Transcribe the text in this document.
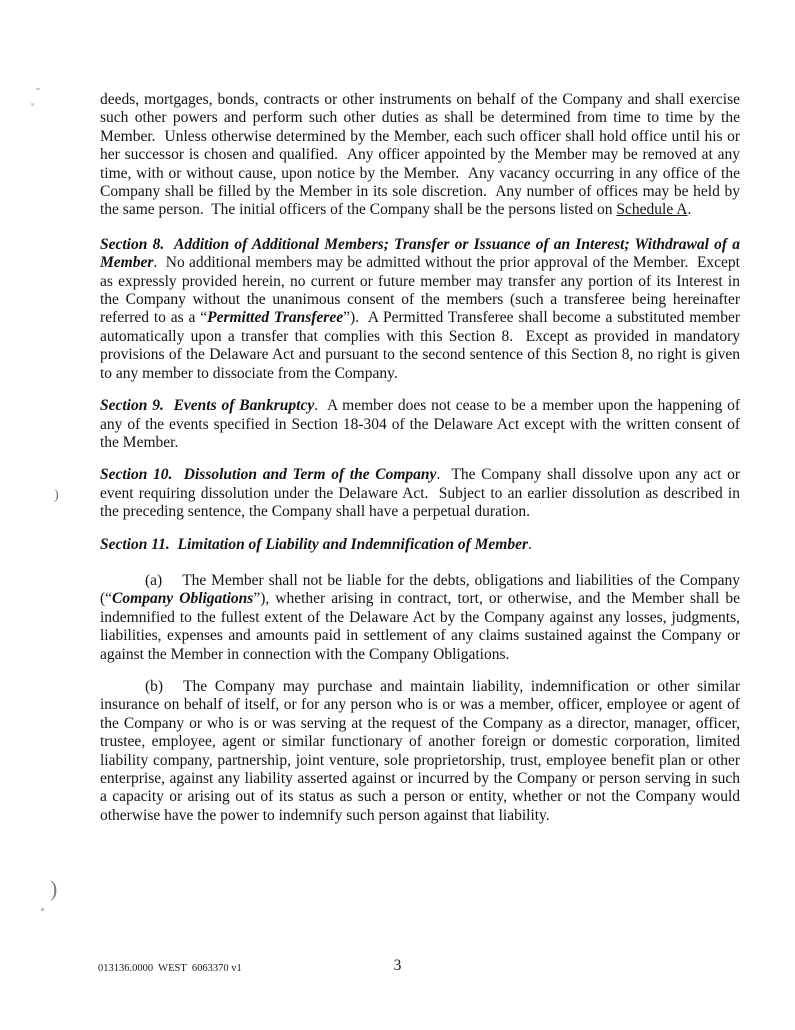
)
)

deeds, mortgages, bonds, contracts or other instruments on behalf of the Company and shall exercise such other powers and perform such other duties as shall be determined from time to time by the Member.  Unless otherwise determined by the Member, each such officer shall hold office until his or her successor is chosen and qualified.  Any officer appointed by the Member may be removed at any time, with or without cause, upon notice by the Member.  Any vacancy occurring in any office of the Company shall be filled by the Member in its sole discretion.  Any number of offices may be held by the same person.  The initial officers of the Company shall be the persons listed on Schedule A.

Section 8.  Addition of Additional Members; Transfer or Issuance of an Interest; Withdrawal of a Member.  No additional members may be admitted without the prior approval of the Member.  Except as expressly provided herein, no current or future member may transfer any portion of its Interest in the Company without the unanimous consent of the members (such a transferee being hereinafter referred to as a “Permitted Transferee”).  A Permitted Transferee shall become a substituted member automatically upon a transfer that complies with this Section 8.  Except as provided in mandatory provisions of the Delaware Act and pursuant to the second sentence of this Section 8, no right is given to any member to dissociate from the Company.

Section 9.  Events of Bankruptcy.  A member does not cease to be a member upon the happening of any of the events specified in Section 18-304 of the Delaware Act except with the written consent of the Member.

Section 10.  Dissolution and Term of the Company.  The Company shall dissolve upon any act or event requiring dissolution under the Delaware Act.  Subject to an earlier dissolution as described in the preceding sentence, the Company shall have a perpetual duration.

Section 11.  Limitation of Liability and Indemnification of Member.

(a) The Member shall not be liable for the debts, obligations and liabilities of the Company (“Company Obligations”), whether arising in contract, tort, or otherwise, and the Member shall be indemnified to the fullest extent of the Delaware Act by the Company against any losses, judgments, liabilities, expenses and amounts paid in settlement of any claims sustained against the Company or against the Member in connection with the Company Obligations.

(b) The Company may purchase and maintain liability, indemnification or other similar insurance on behalf of itself, or for any person who is or was a member, officer, employee or agent of the Company or who is or was serving at the request of the Company as a director, manager, officer, trustee, employee, agent or similar functionary of another foreign or domestic corporation, limited liability company, partnership, joint venture, sole proprietorship, trust, employee benefit plan or other enterprise, against any liability asserted against or incurred by the Company or person serving in such a capacity or arising out of its status as such a person or entity, whether or not the Company would otherwise have the power to indemnify such person against that liability.

013136.0000  WEST  6063370 v1	3
